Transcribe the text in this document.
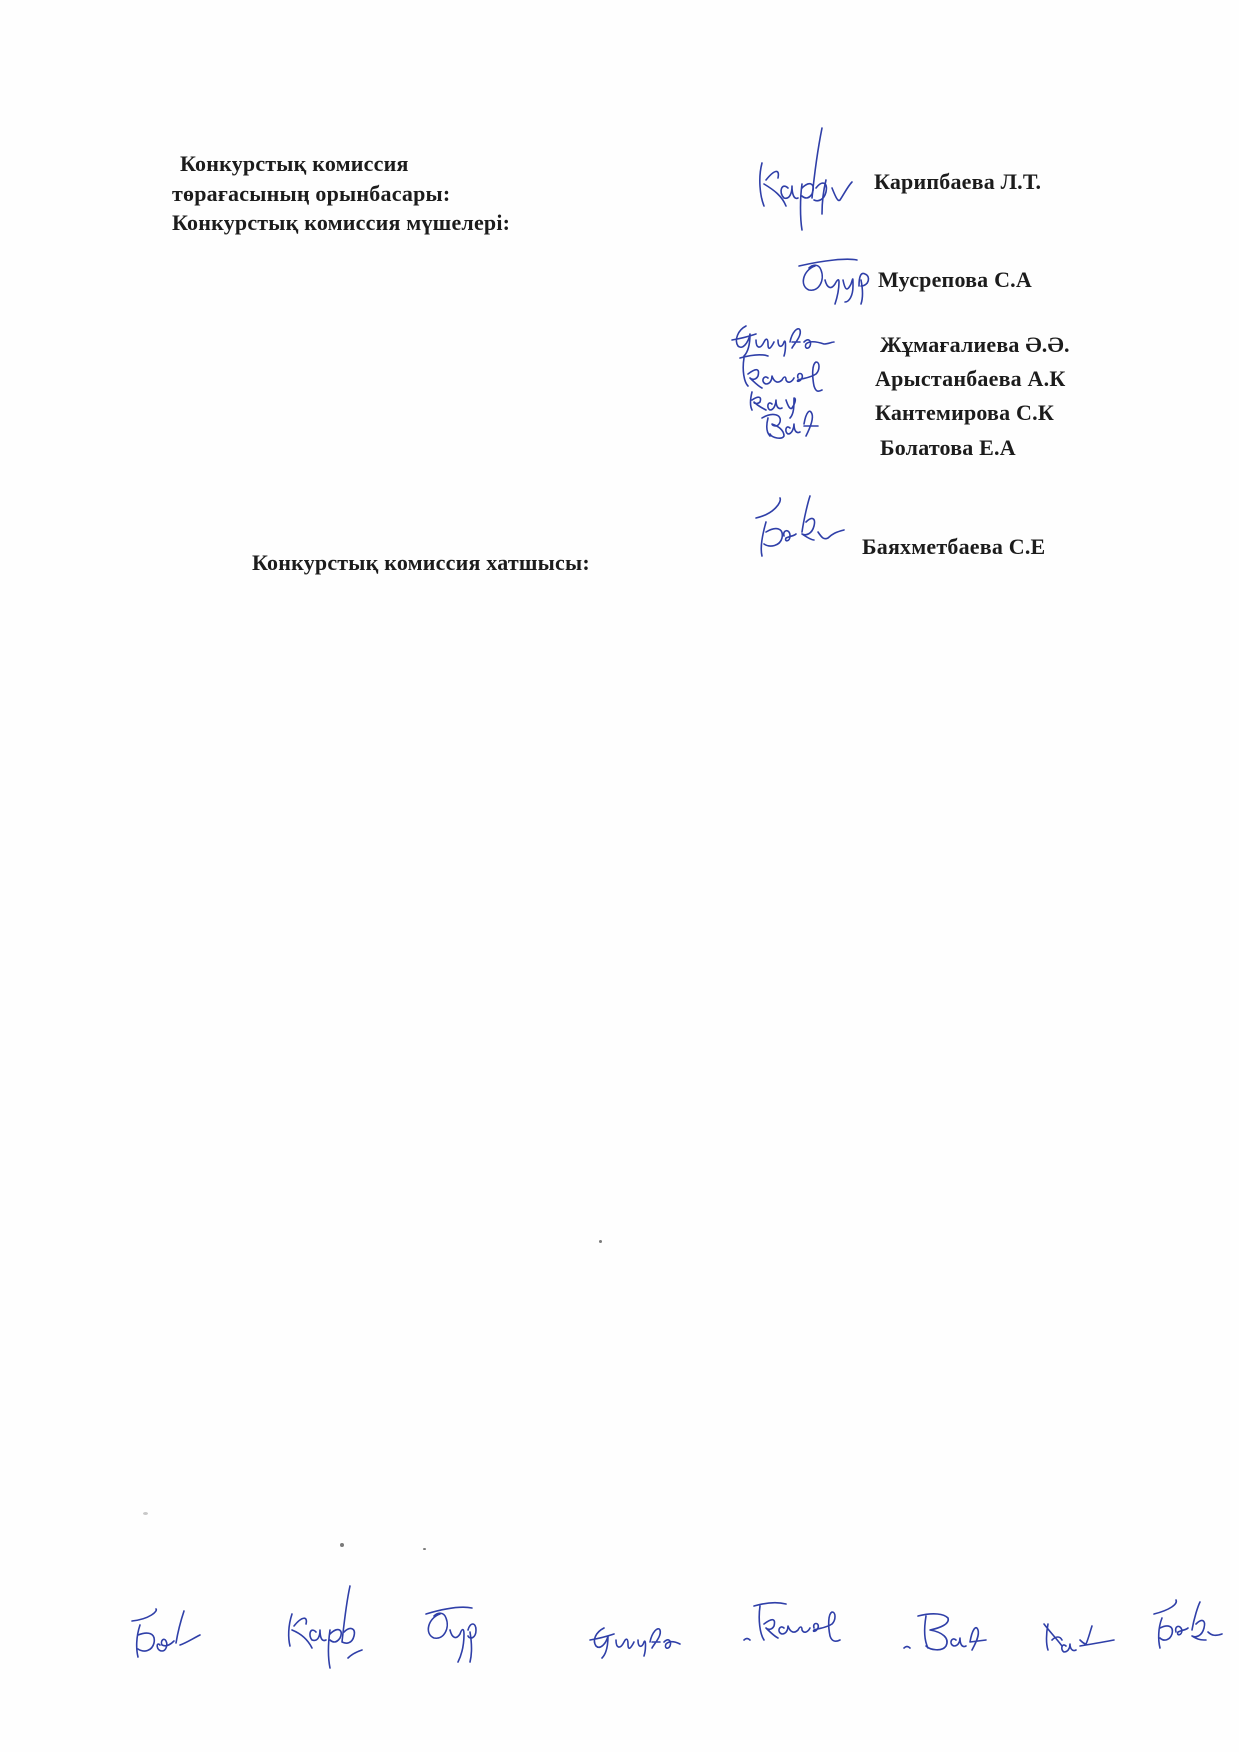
Конкурстық комиссия
төрағасының орынбасары:
Конкурстық комиссия мүшелері:
Конкурстық комиссия хатшысы:
Карипбаева Л.Т.
Мусрепова С.А
Жұмағалиева Ә.Ә.
Арыстанбаева А.К
Кантемирова С.К
Болатова Е.А
Баяхметбаева С.Е
